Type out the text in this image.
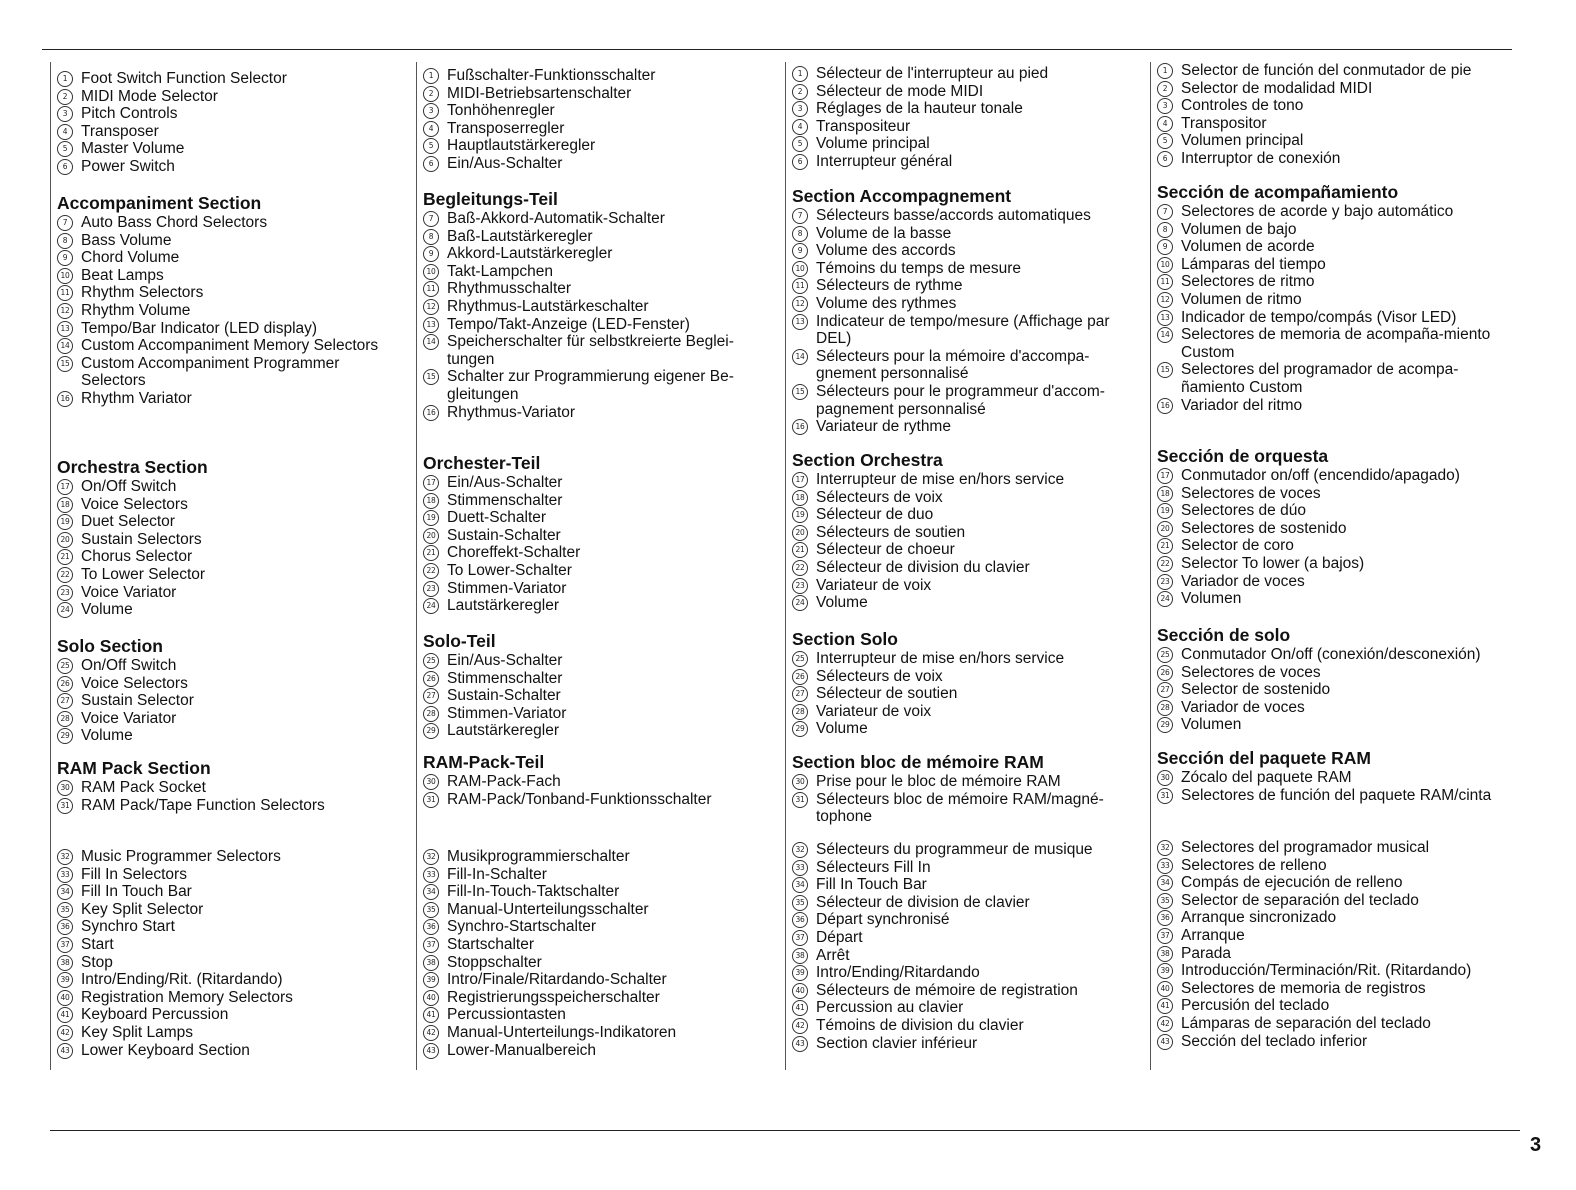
1 Foot Switch Function Selector
2 MIDI Mode Selector
3 Pitch Controls
4 Transposer
5 Master Volume
6 Power Switch
Accompaniment Section
7 Auto Bass Chord Selectors
8 Bass Volume
9 Chord Volume
10 Beat Lamps
11 Rhythm Selectors
12 Rhythm Volume
13 Tempo/Bar Indicator (LED display)
14 Custom Accompaniment Memory Selectors
15 Custom Accompaniment Programmer Selectors
16 Rhythm Variator
Orchestra Section
17 On/Off Switch
18 Voice Selectors
19 Duet Selector
20 Sustain Selectors
21 Chorus Selector
22 To Lower Selector
23 Voice Variator
24 Volume
Solo Section
25 On/Off Switch
26 Voice Selectors
27 Sustain Selector
28 Voice Variator
29 Volume
RAM Pack Section
30 RAM Pack Socket
31 RAM Pack/Tape Function Selectors
32 Music Programmer Selectors
33 Fill In Selectors
34 Fill In Touch Bar
35 Key Split Selector
36 Synchro Start
37 Start
38 Stop
39 Intro/Ending/Rit. (Ritardando)
40 Registration Memory Selectors
41 Keyboard Percussion
42 Key Split Lamps
43 Lower Keyboard Section
1 Fußschalter-Funktionsschalter
2 MIDI-Betriebsartenschalter
3 Tonhöhenregler
4 Transposerregler
5 Hauptlautstärkeregler
6 Ein/Aus-Schalter
Begleitungs-Teil
7 Baß-Akkord-Automatik-Schalter
8 Baß-Lautstärkeregler
9 Akkord-Lautstärkeregler
10 Takt-Lampchen
11 Rhythmusschalter
12 Rhythmus-Lautstärkeschalter
13 Tempo/Takt-Anzeige (LED-Fenster)
14 Speicherschalter für selbstkreierte Beglei-tungen
15 Schalter zur Programmierung eigener Be-gleitungen
16 Rhythmus-Variator
Orchester-Teil
17 Ein/Aus-Schalter
18 Stimmenschalter
19 Duett-Schalter
20 Sustain-Schalter
21 Choreffekt-Schalter
22 To Lower-Schalter
23 Stimmen-Variator
24 Lautstärkeregler
Solo-Teil
25 Ein/Aus-Schalter
26 Stimmenschalter
27 Sustain-Schalter
28 Stimmen-Variator
29 Lautstärkeregler
RAM-Pack-Teil
30 RAM-Pack-Fach
31 RAM-Pack/Tonband-Funktionsschalter
32 Musikprogrammierschalter
33 Fill-In-Schalter
34 Fill-In-Touch-Taktschalter
35 Manual-Unterteilungsschalter
36 Synchro-Startschalter
37 Startschalter
38 Stoppschalter
39 Intro/Finale/Ritardando-Schalter
40 Registrierungsspeicherschalter
41 Percussiontasten
42 Manual-Unterteilungs-Indikatoren
43 Lower-Manualbereich
1 Sélecteur de l'interrupteur au pied
2 Sélecteur de mode MIDI
3 Réglages de la hauteur tonale
4 Transpositeur
5 Volume principal
6 Interrupteur général
Section Accompagnement
7 Sélecteurs basse/accords automatiques
8 Volume de la basse
9 Volume des accords
10 Témoins du temps de mesure
11 Sélecteurs de rythme
12 Volume des rythmes
13 Indicateur de tempo/mesure (Affichage par DEL)
14 Sélecteurs pour la mémoire d'accompa-gnement personnalisé
15 Sélecteurs pour le programmeur d'accom-pagnement personnalisé
16 Variateur de rythme
Section Orchestra
17 Interrupteur de mise en/hors service
18 Sélecteurs de voix
19 Sélecteur de duo
20 Sélecteurs de soutien
21 Sélecteur de choeur
22 Sélecteur de division du clavier
23 Variateur de voix
24 Volume
Section Solo
25 Interrupteur de mise en/hors service
26 Sélecteurs de voix
27 Sélecteur de soutien
28 Variateur de voix
29 Volume
Section bloc de mémoire RAM
30 Prise pour le bloc de mémoire RAM
31 Sélecteurs bloc de mémoire RAM/magné-tophone
32 Sélecteurs du programmeur de musique
33 Sélecteurs Fill In
34 Fill In Touch Bar
35 Sélecteur de division de clavier
36 Départ synchronisé
37 Départ
38 Arrêt
39 Intro/Ending/Ritardando
40 Sélecteurs de mémoire de registration
41 Percussion au clavier
42 Témoins de division du clavier
43 Section clavier inférieur
1 Selector de función del conmutador de pie
2 Selector de modalidad MIDI
3 Controles de tono
4 Transpositor
5 Volumen principal
6 Interruptor de conexión
Sección de acompañamiento
7 Selectores de acorde y bajo automático
8 Volumen de bajo
9 Volumen de acorde
10 Lámparas del tiempo
11 Selectores de ritmo
12 Volumen de ritmo
13 Indicador de tempo/compás (Visor LED)
14 Selectores de memoria de acompaña-miento Custom
15 Selectores del programador de acompa-ñamiento Custom
16 Variador del ritmo
Sección de orquesta
17 Conmutador on/off (encendido/apagado)
18 Selectores de voces
19 Selectores de dúo
20 Selectores de sostenido
21 Selector de coro
22 Selector To lower (a bajos)
23 Variador de voces
24 Volumen
Sección de solo
25 Conmutador On/off (conexión/desconexión)
26 Selectores de voces
27 Selector de sostenido
28 Variador de voces
29 Volumen
Sección del paquete RAM
30 Zócalo del paquete RAM
31 Selectores de función del paquete RAM/cinta
32 Selectores del programador musical
33 Selectores de relleno
34 Compás de ejecución de relleno
35 Selector de separación del teclado
36 Arranque sincronizado
37 Arranque
38 Parada
39 Introducción/Terminación/Rit. (Ritardando)
40 Selectores de memoria de registros
41 Percusión del teclado
42 Lámparas de separación del teclado
43 Sección del teclado inferior
3
